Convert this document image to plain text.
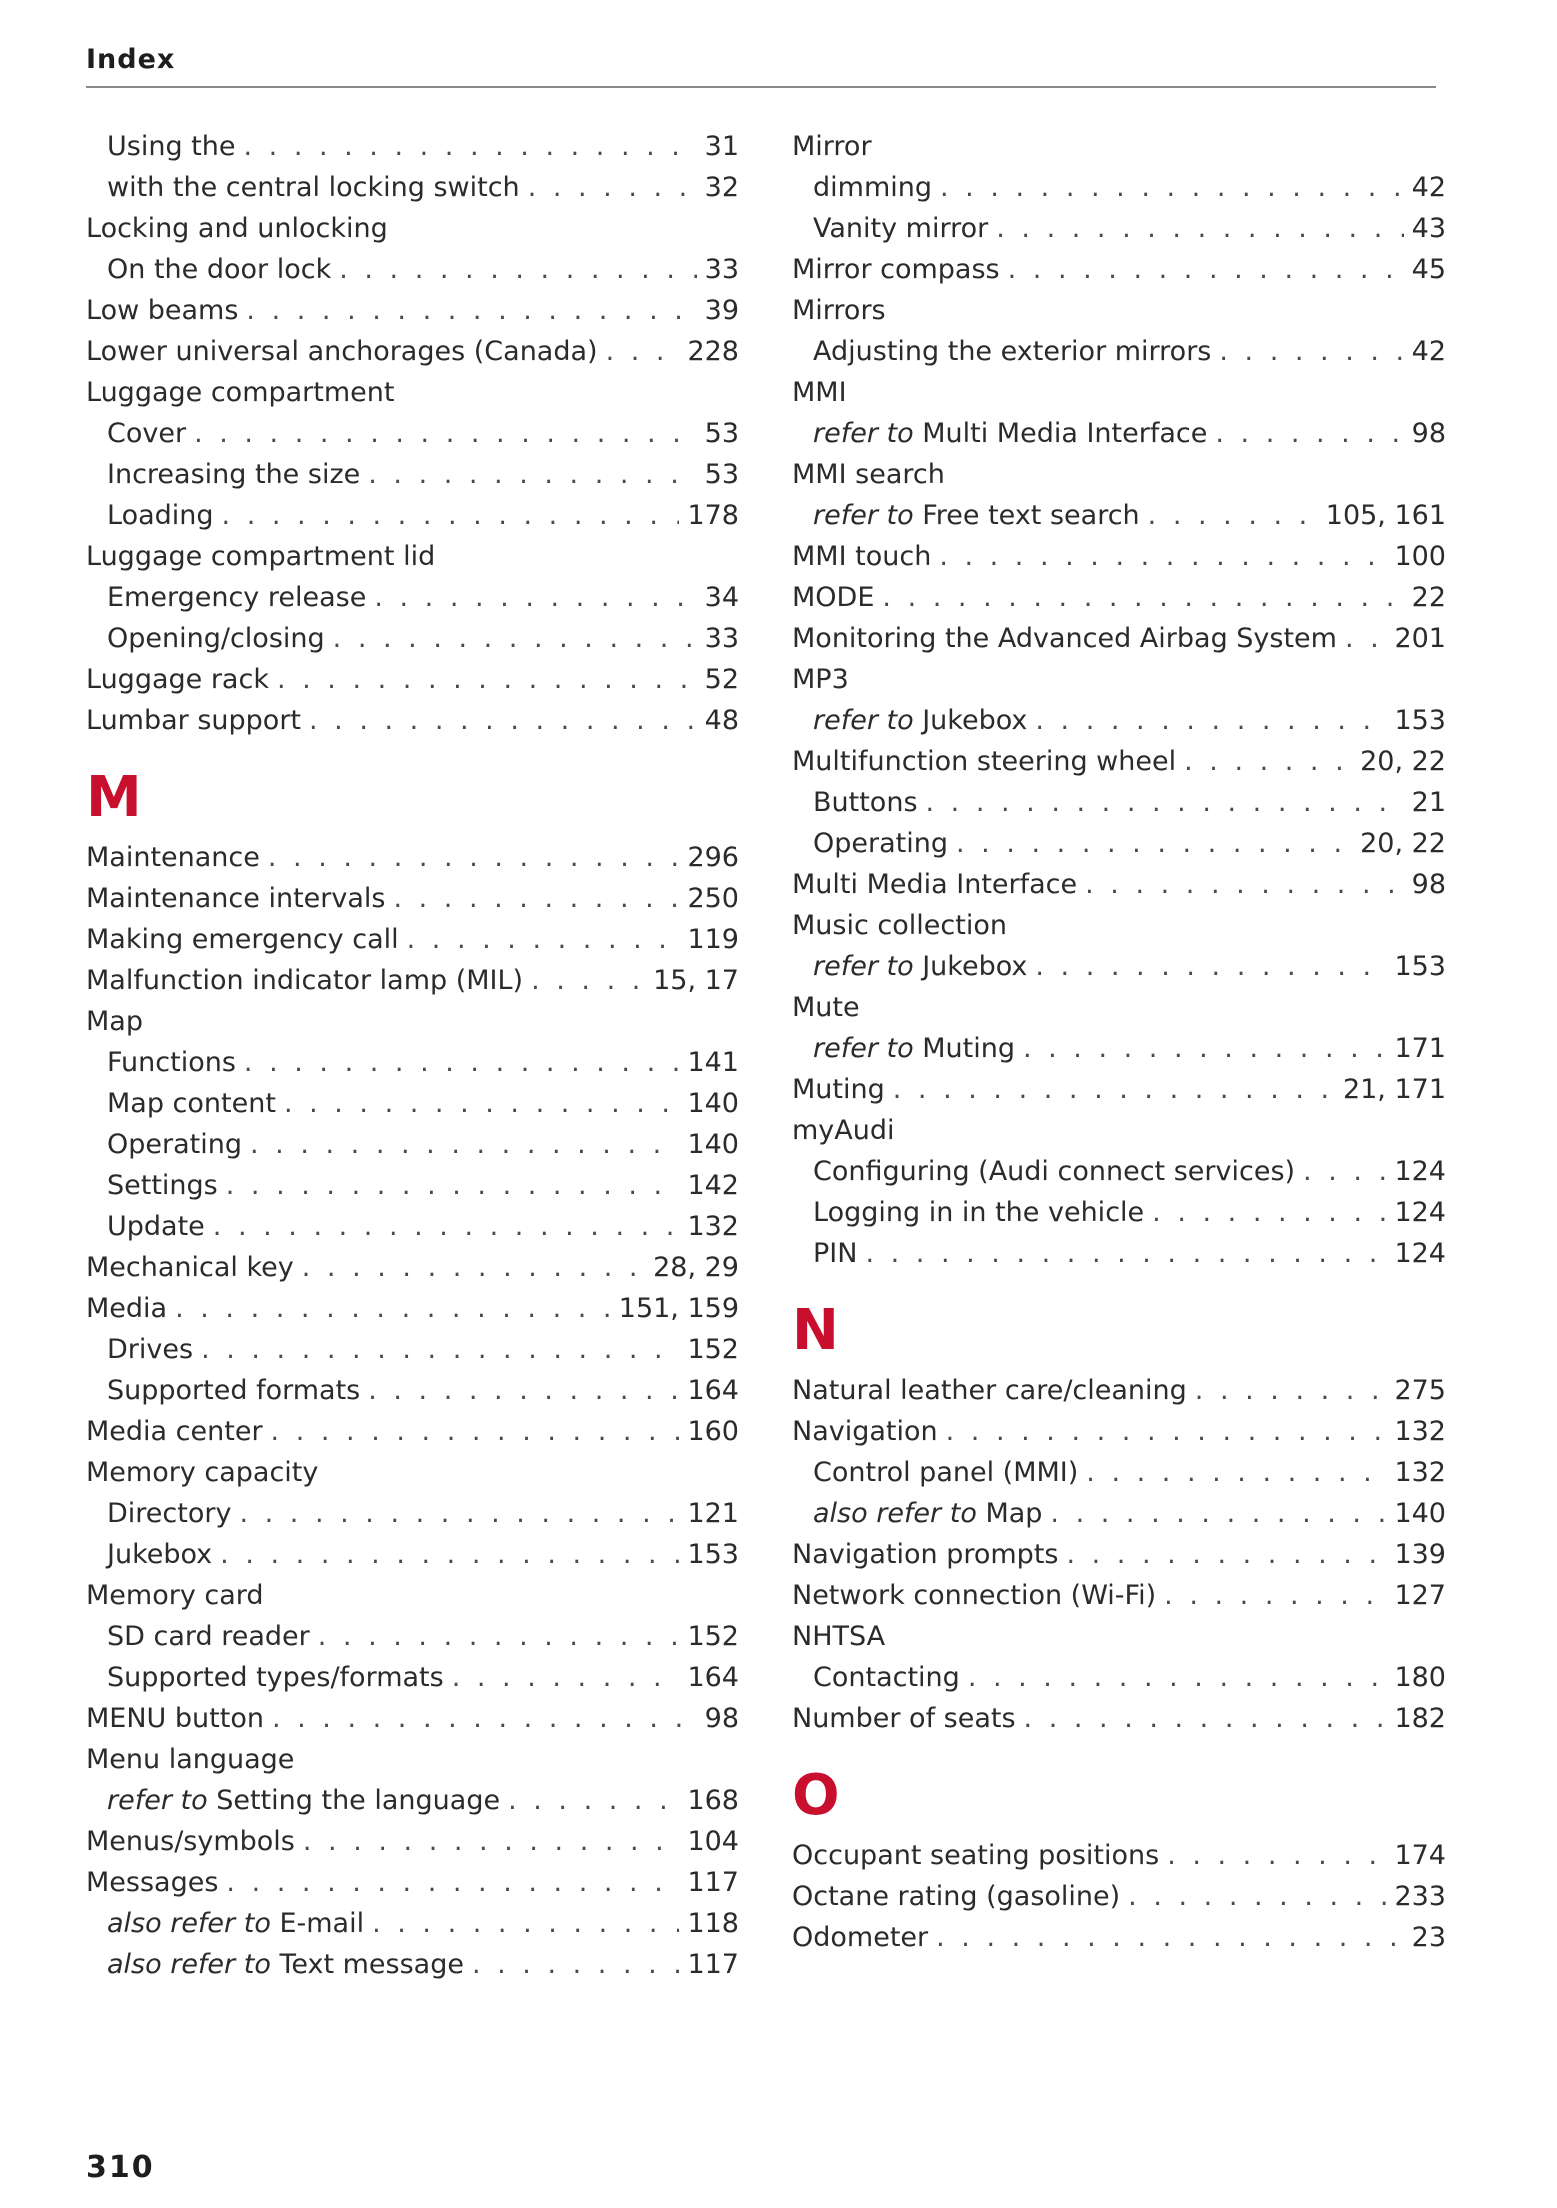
Index
Using the . . .	31
with the central locking switch . . .	32
Locking and unlocking
On the door lock . . .	33
Low beams . . .	39
Lower universal anchorages (Canada) . . .	228
Luggage compartment
Cover . . .	53
Increasing the size . . .	53
Loading . . .	178
Luggage compartment lid
Emergency release . . .	34
Opening/closing . . .	33
Luggage rack . . .	52
Lumbar support . . .	48
M
Maintenance . . .	296
Maintenance intervals . . .	250
Making emergency call . . .	119
Malfunction indicator lamp (MIL) . . .	15, 17
Map
Functions . . .	141
Map content . . .	140
Operating . . .	140
Settings . . .	142
Update . . .	132
Mechanical key . . .	28, 29
Media . . .	151, 159
Drives . . .	152
Supported formats . . .	164
Media center . . .	160
Memory capacity
Directory . . .	121
Jukebox . . .	153
Memory card
SD card reader . . .	152
Supported types/formats . . .	164
MENU button . . .	98
Menu language
refer to Setting the language . . .	168
Menus/symbols . . .	104
Messages . . .	117
also refer to E-mail . . .	118
also refer to Text message . . .	117
Mirror
dimming . . .	42
Vanity mirror . . .	43
Mirror compass . . .	45
Mirrors
Adjusting the exterior mirrors . . .	42
MMI
refer to Multi Media Interface . . .	98
MMI search
refer to Free text search . . .	105, 161
MMI touch . . .	100
MODE . . .	22
Monitoring the Advanced Airbag System . . . 201
MP3
refer to Jukebox . . .	153
Multifunction steering wheel . . .	20, 22
Buttons . . .	21
Operating . . .	20, 22
Multi Media Interface . . .	98
Music collection
refer to Jukebox . . .	153
Mute
refer to Muting . . .	171
Muting . . .	21, 171
myAudi
Configuring (Audi connect services) . . .	124
Logging in in the vehicle . . .	124
PIN . . .	124
N
Natural leather care/cleaning . . .	275
Navigation . . .	132
Control panel (MMI) . . .	132
also refer to Map . . .	140
Navigation prompts . . .	139
Network connection (Wi-Fi) . . .	127
NHTSA
Contacting . . .	180
Number of seats . . .	182
O
Occupant seating positions . . .	174
Octane rating (gasoline) . . .	233
Odometer . . .	23
310
